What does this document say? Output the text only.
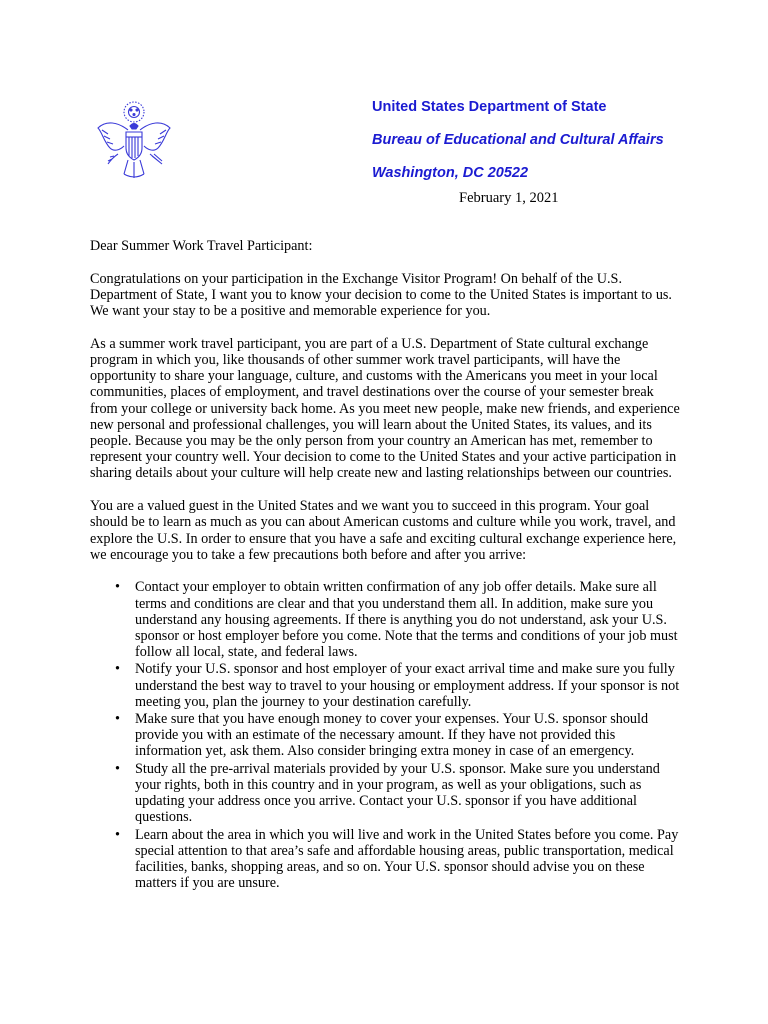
United States Department of State
Bureau of Educational and Cultural Affairs
Washington, DC 20522
February 1, 2021

Dear Summer Work Travel Participant:

Congratulations on your participation in the Exchange Visitor Program! On behalf of the U.S. Department of State, I want you to know your decision to come to the United States is important to us. We want your stay to be a positive and memorable experience for you.

As a summer work travel participant, you are part of a U.S. Department of State cultural exchange program in which you, like thousands of other summer work travel participants, will have the opportunity to share your language, culture, and customs with the Americans you meet in your local communities, places of employment, and travel destinations over the course of your semester break from your college or university back home. As you meet new people, make new friends, and experience new personal and professional challenges, you will learn about the United States, its values, and its people. Because you may be the only person from your country an American has met, remember to represent your country well. Your decision to come to the United States and your active participation in sharing details about your culture will help create new and lasting relationships between our countries.

You are a valued guest in the United States and we want you to succeed in this program. Your goal should be to learn as much as you can about American customs and culture while you work, travel, and explore the U.S. In order to ensure that you have a safe and exciting cultural exchange experience here, we encourage you to take a few precautions both before and after you arrive:

• Contact your employer to obtain written confirmation of any job offer details. Make sure all terms and conditions are clear and that you understand them all. In addition, make sure you understand any housing agreements. If there is anything you do not understand, ask your U.S. sponsor or host employer before you come. Note that the terms and conditions of your job must follow all local, state, and federal laws.
• Notify your U.S. sponsor and host employer of your exact arrival time and make sure you fully understand the best way to travel to your housing or employment address. If your sponsor is not meeting you, plan the journey to your destination carefully.
• Make sure that you have enough money to cover your expenses. Your U.S. sponsor should provide you with an estimate of the necessary amount. If they have not provided this information yet, ask them. Also consider bringing extra money in case of an emergency.
• Study all the pre-arrival materials provided by your U.S. sponsor. Make sure you understand your rights, both in this country and in your program, as well as your obligations, such as updating your address once you arrive. Contact your U.S. sponsor if you have additional questions.
• Learn about the area in which you will live and work in the United States before you come. Pay special attention to that area’s safe and affordable housing areas, public transportation, medical facilities, banks, shopping areas, and so on. Your U.S. sponsor should advise you on these matters if you are unsure.
